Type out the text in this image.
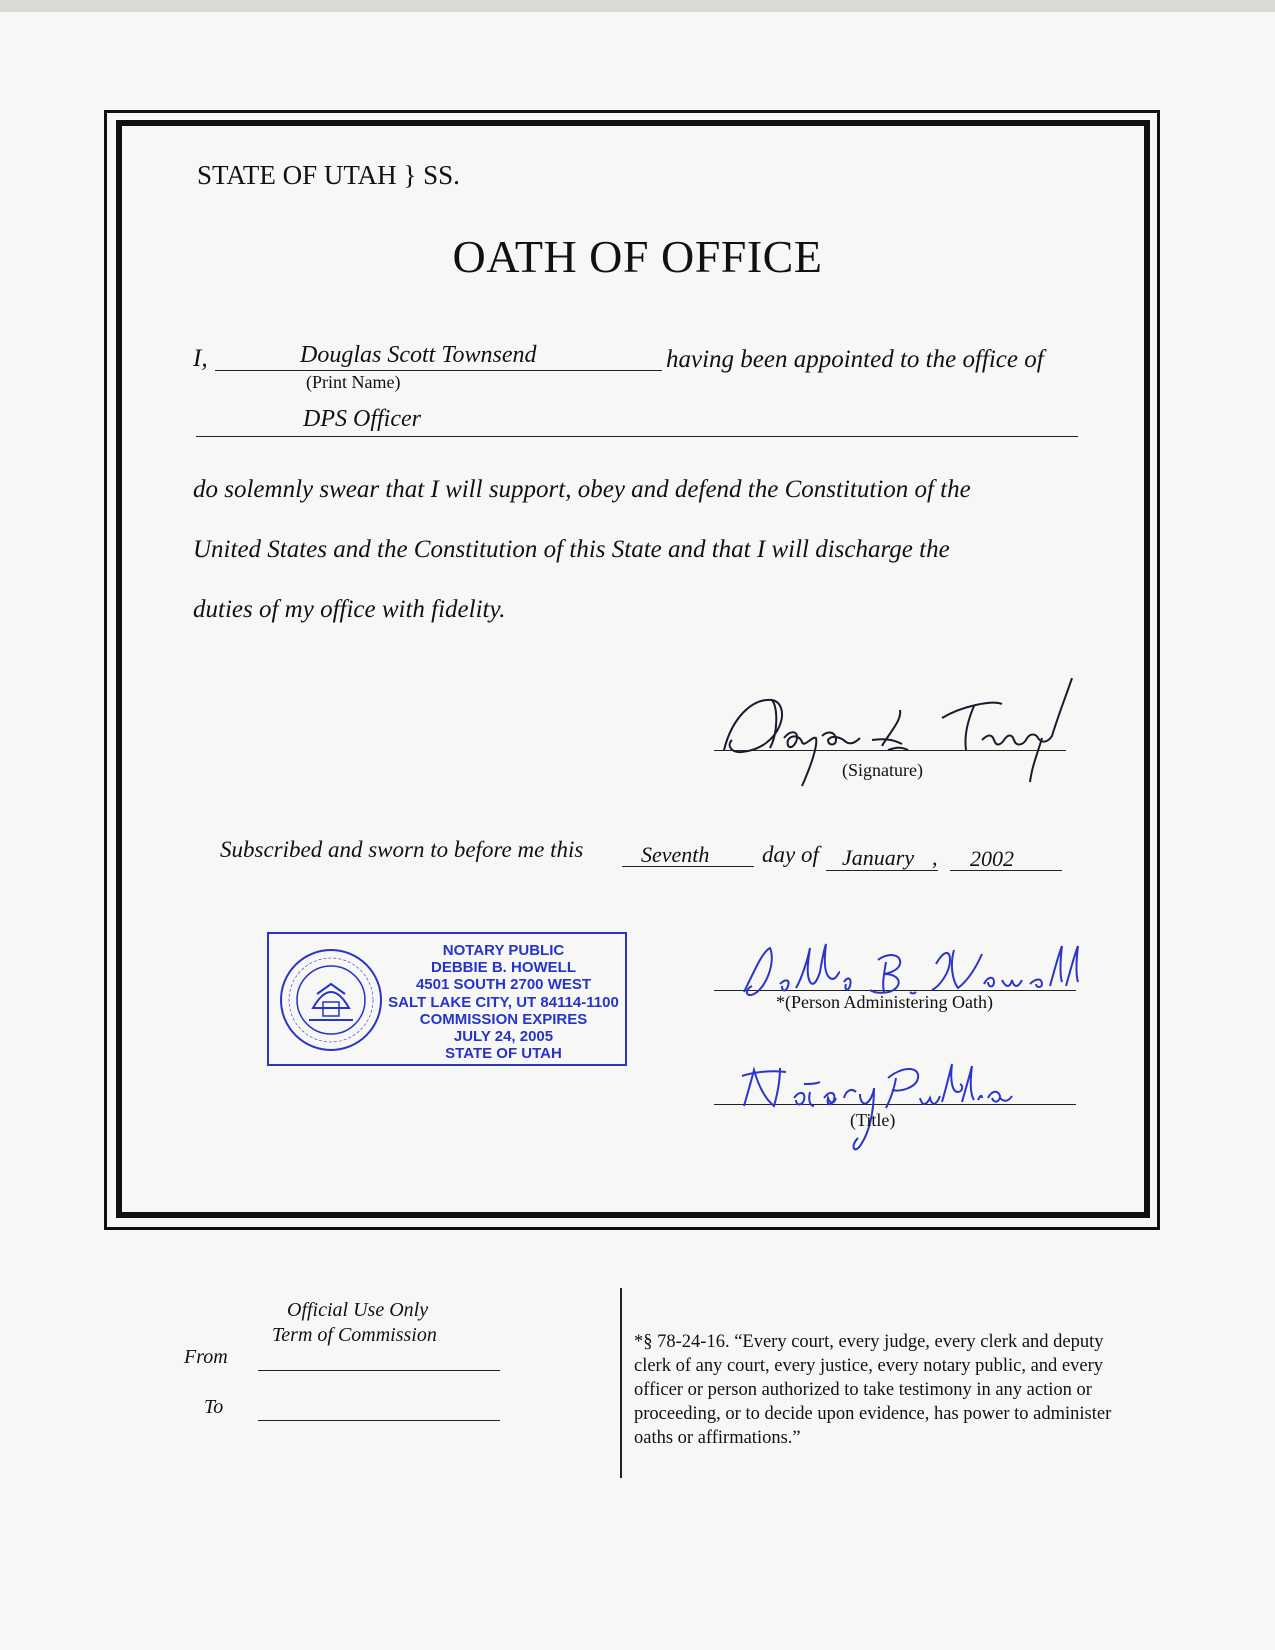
STATE OF UTAH } SS.
OATH OF OFFICE
I,	Douglas Scott Townsend
(Print Name)
having been appointed to the office of
DPS Officer
do solemnly swear that I will support, obey and defend the Constitution of the
United States and the Constitution of this State and that I will discharge the
duties of my office with fidelity.
(Signature)
Subscribed and sworn to before me this	Seventh day of January , 2002
NOTARY PUBLIC
DEBBIE B. HOWELL
4501 SOUTH 2700 WEST
SALT LAKE CITY, UT 84114-1100
COMMISSION EXPIRES
JULY 24, 2005
STATE OF UTAH
*(Person Administering Oath)
(Title)
Official Use Only
Term of Commission
From
To
*§ 78-24-16. “Every court, every judge, every clerk and deputy clerk of any court, every justice, every notary public, and every officer or person authorized to take testimony in any action or proceeding, or to decide upon evidence, has power to administer oaths or affirmations.”
